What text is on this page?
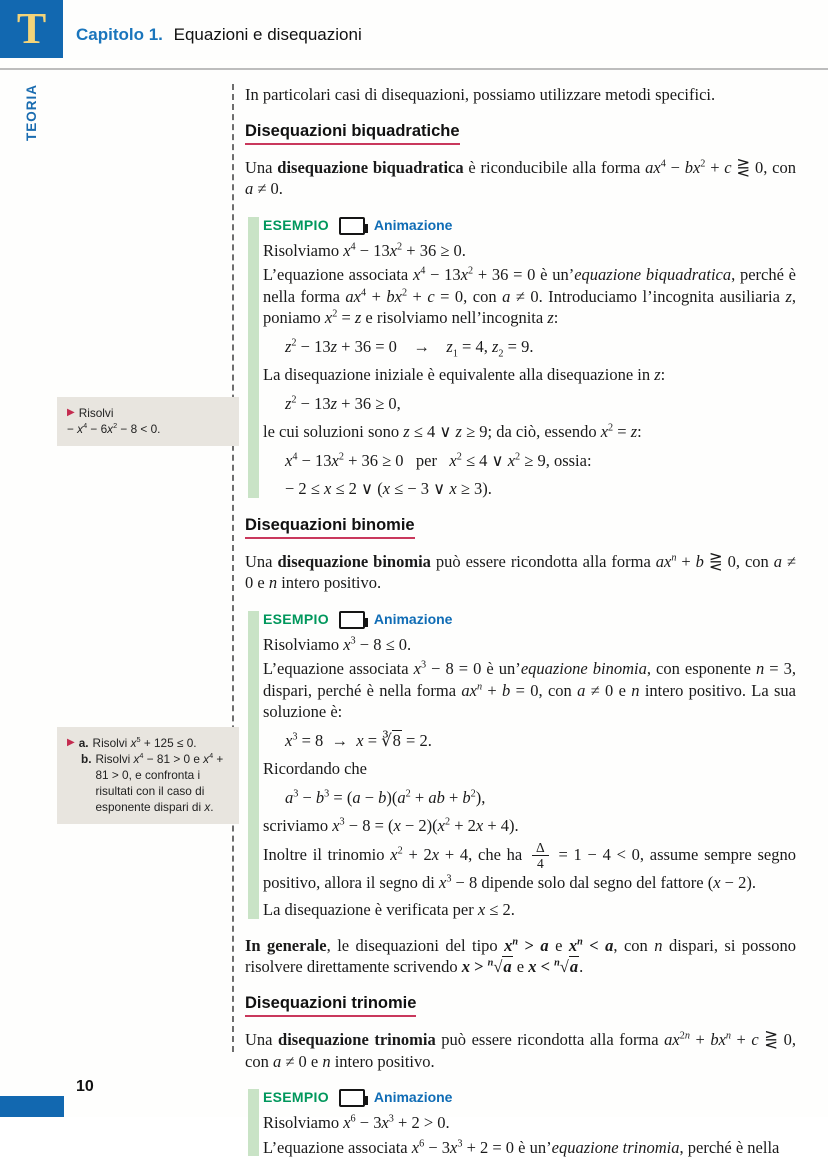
T Capitolo 1. Equazioni e disequazioni
TEORIA
▶ Risolvi
− $x^4 - 6x^2 - 8 < 0$.
▶ a. Risolvi $x^5 + 125 \le 0$.
b. Risolvi $x^4 - 81 > 0$ e $x^4 + 81 > 0$, e confronta i risultati con il caso di esponente dispari di x.

In particolari casi di disequazioni, possiamo utilizzare metodi specifici.

Disequazioni biquadratiche

Una disequazione biquadratica è riconducibile alla forma $ax^4 - bx^2 + c$ ⋛ 0, con a ≠ 0.

ESEMPIO	Animazione

Risolviamo $x^4 - 13x^2 + 36 \ge 0$.

L’equazione associata $x^4 - 13x^2 + 36 = 0$ è un’equazione biquadratica, perché è nella forma $ax^4 + bx^2 + c = 0$, con a ≠ 0. Introduciamo l’incognita ausiliaria z, poniamo $x^2 = z$ e risolviamo nell’incognita z:

$z^2 - 13z + 36 = 0$    →    $z_1 = 4$, $z_2 = 9$.

La disequazione iniziale è equivalente alla disequazione in z:

$z^2 - 13z + 36 \ge 0$,

le cui soluzioni sono z ≤ 4 ∨ z ≥ 9; da ciò, essendo $x^2 = z$:

$x^4 - 13x^2 + 36 \ge 0$   per   $x^2 \le 4$ ∨ $x^2 \ge 9$, ossia:

− 2 ≤ x ≤ 2 ∨ (x ≤ − 3 ∨ x ≥ 3).

Disequazioni binomie

Una disequazione binomia può essere ricondotta alla forma $ax^n + b$ ⋛ 0, con a ≠ 0 e n intero positivo.

ESEMPIO	Animazione

Risolviamo $x^3 - 8 \le 0$.

L’equazione associata $x^3 - 8 = 0$ è un’equazione binomia, con esponente n = 3, dispari, perché è nella forma $ax^n + b = 0$, con a ≠ 0 e n intero positivo. La sua soluzione è:

$x^3 = 8 \to x$ = ∛8 = 2.

Ricordando che

$a^3 - b^3 = (a - b)(a^2$ + ab + $b^2$),

scriviamo $x^3 - 8 = (x - 2)(x^2 + 2x + 4)$.

Inoltre il trinomio $x^2 + 2x + 4$, che ha $\frac{\Delta}{4} = 1 - 4 < 0$, assume sempre segno positivo, allora il segno di $x^3 - 8$ dipende solo dal segno del fattore (x − 2).

La disequazione è verificata per x ≤ 2.

In generale, le disequazioni del tipo $x^n > a$ e $x^n < a$, con n dispari, si possono risolvere direttamente scrivendo x > $^n$√a e x < $^n$√a.

Disequazioni trinomie

Una disequazione trinomia può essere ricondotta alla forma $ax^{2n} + bx^n + c$ ⋛ 0, con a ≠ 0 e n intero positivo.

ESEMPIO	Animazione

Risolviamo $x^6 - 3x^3 + 2 > 0$.

L’equazione associata $x^6 - 3x^3 + 2 = 0$ è un’equazione trinomia, perché è nella

10
